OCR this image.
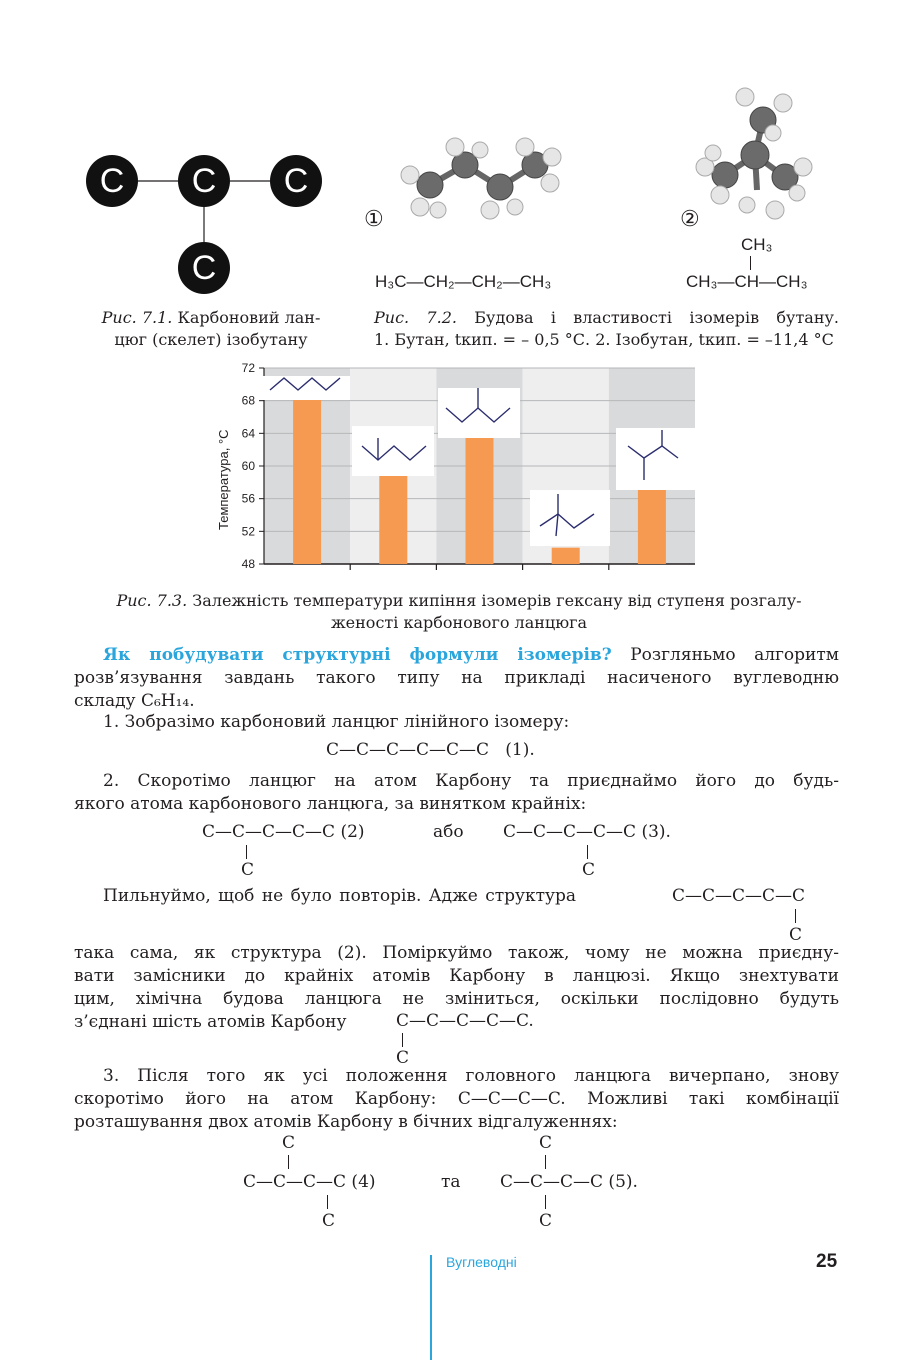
C	C	C
C
Рис. 7.1. Карбоновий лан-
цюг (скелет) ізобутану
①	②
H₃C—CH₂—CH₂—CH₃
CH₃
CH₃—CH—CH₃
Рис. 7.2. Будова і властивості ізомерів бутану.
1. Бутан, tкип. = – 0,5 °С. 2. Ізобутан, tкип. = –11,4 °С
48
52
56
60
64
68
72
Температура, °С
Рис. 7.3. Залежність температури кипіння ізомерів гексану від ступеня розгалу-
женості карбонового ланцюга
Як побудувати структурні формули ізомерів? Розгляньмо алгоритм
розв’язування завдань такого типу на прикладі насиченого вуглеводню
складу C₆H₁₄.
1. Зобразімо карбоновий ланцюг лінійного ізомеру:
C—C—C—C—C—C   (1).
2. Скоротімо ланцюг на атом Карбону та приєднаймо його до будь-
якого атома карбонового ланцюга, за винятком крайніх:
C—C—C—C—C (2)
C
або C—C—C—C—C (3).
C
Пильнуймо, щоб не було повторів. Адже структура	C—C—C—C—C
C
така сама, як структура (2). Поміркуймо також, чому не можна приєдну-
вати замісники до крайніх атомів Карбону в ланцюзі. Якщо знехтувати
цим, хімічна будова ланцюга не зміниться, оскільки послідовно будуть
з’єднані шість атомів Карбону	C—C—C—C—C.
C
3. Після того як усі положення головного ланцюга вичерпано, знову
скоротімо його на атом Карбону: C—C—C—C. Можливі такі комбінації
розташування двох атомів Карбону в бічних відгалуженнях:
C
C—C—C—C (4)
C
та
C
C—C—C—C (5).
C
Вуглеводні	25
